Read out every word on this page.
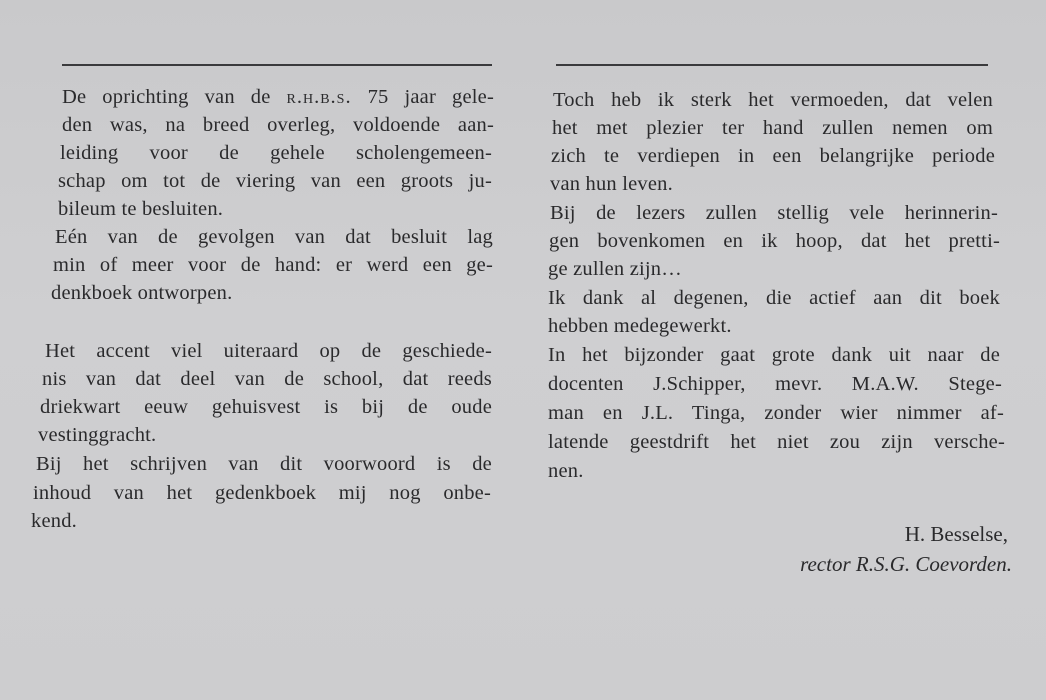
De oprichting van de r.h.b.s. 75 jaar gele-
den was, na breed overleg, voldoende aan-
leiding voor de gehele scholengemeen-
schap om tot de viering van een groots ju-
bileum te besluiten.
Eén van de gevolgen van dat besluit lag
min of meer voor de hand: er werd een ge-
denkboek ontworpen.
Het accent viel uiteraard op de geschiede-
nis van dat deel van de school, dat reeds
driekwart eeuw gehuisvest is bij de oude
vestinggracht.
Bij het schrijven van dit voorwoord is de
inhoud van het gedenkboek mij nog onbe-
kend.
Toch heb ik sterk het vermoeden, dat velen
het met plezier ter hand zullen nemen om
zich te verdiepen in een belangrijke periode
van hun leven.
Bij de lezers zullen stellig vele herinnerin-
gen bovenkomen en ik hoop, dat het pretti-
ge zullen zijn…
Ik dank al degenen, die actief aan dit boek
hebben medegewerkt.
In het bijzonder gaat grote dank uit naar de
docenten J.Schipper, mevr. M.A.W. Stege-
man en J.L. Tinga, zonder wier nimmer af-
latende geestdrift het niet zou zijn versche-
nen.
H. Besselse,
rector R.S.G. Coevorden.
